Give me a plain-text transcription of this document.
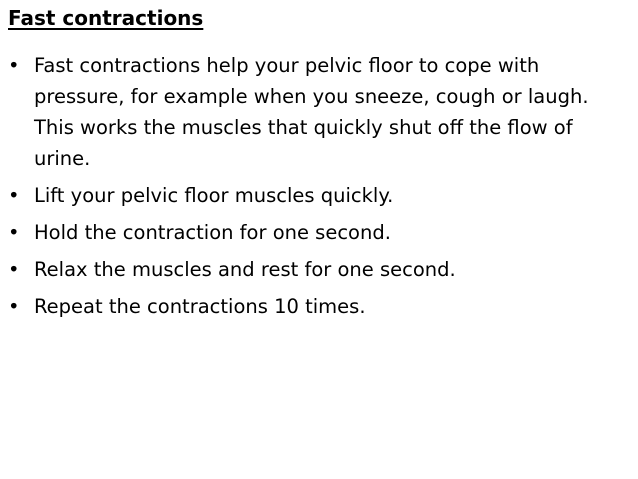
Fast contractions
• Fast contractions help your pelvic floor to cope with pressure, for example when you sneeze, cough or laugh. This works the muscles that quickly shut off the flow of urine.
• Lift your pelvic floor muscles quickly.
• Hold the contraction for one second.
• Relax the muscles and rest for one second.
• Repeat the contractions 10 times.
